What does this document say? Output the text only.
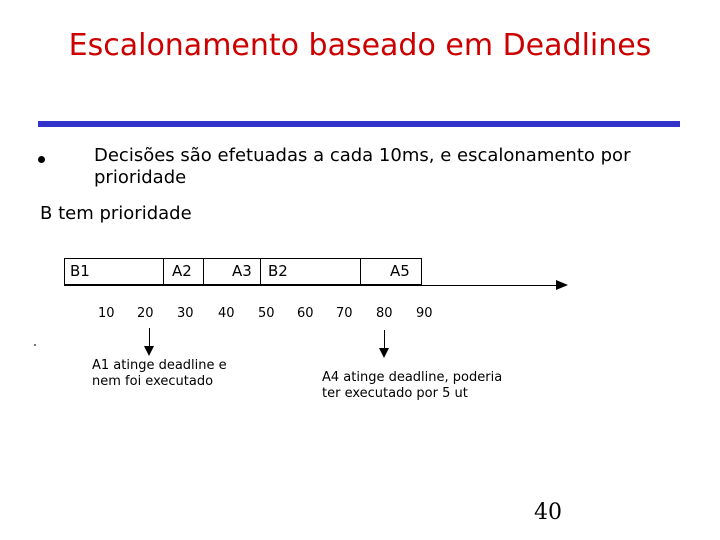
Escalonamento baseado em Deadlines
Decisões são efetuadas a cada 10ms, e escalonamento por prioridade
B tem prioridade
B1	A2	A3 B2	A5
10 20 30 40 50 60 70 80 90
A1 atinge deadline e
nem foi executado	A4 atinge deadline, poderia
ter executado por 5 ut
40
